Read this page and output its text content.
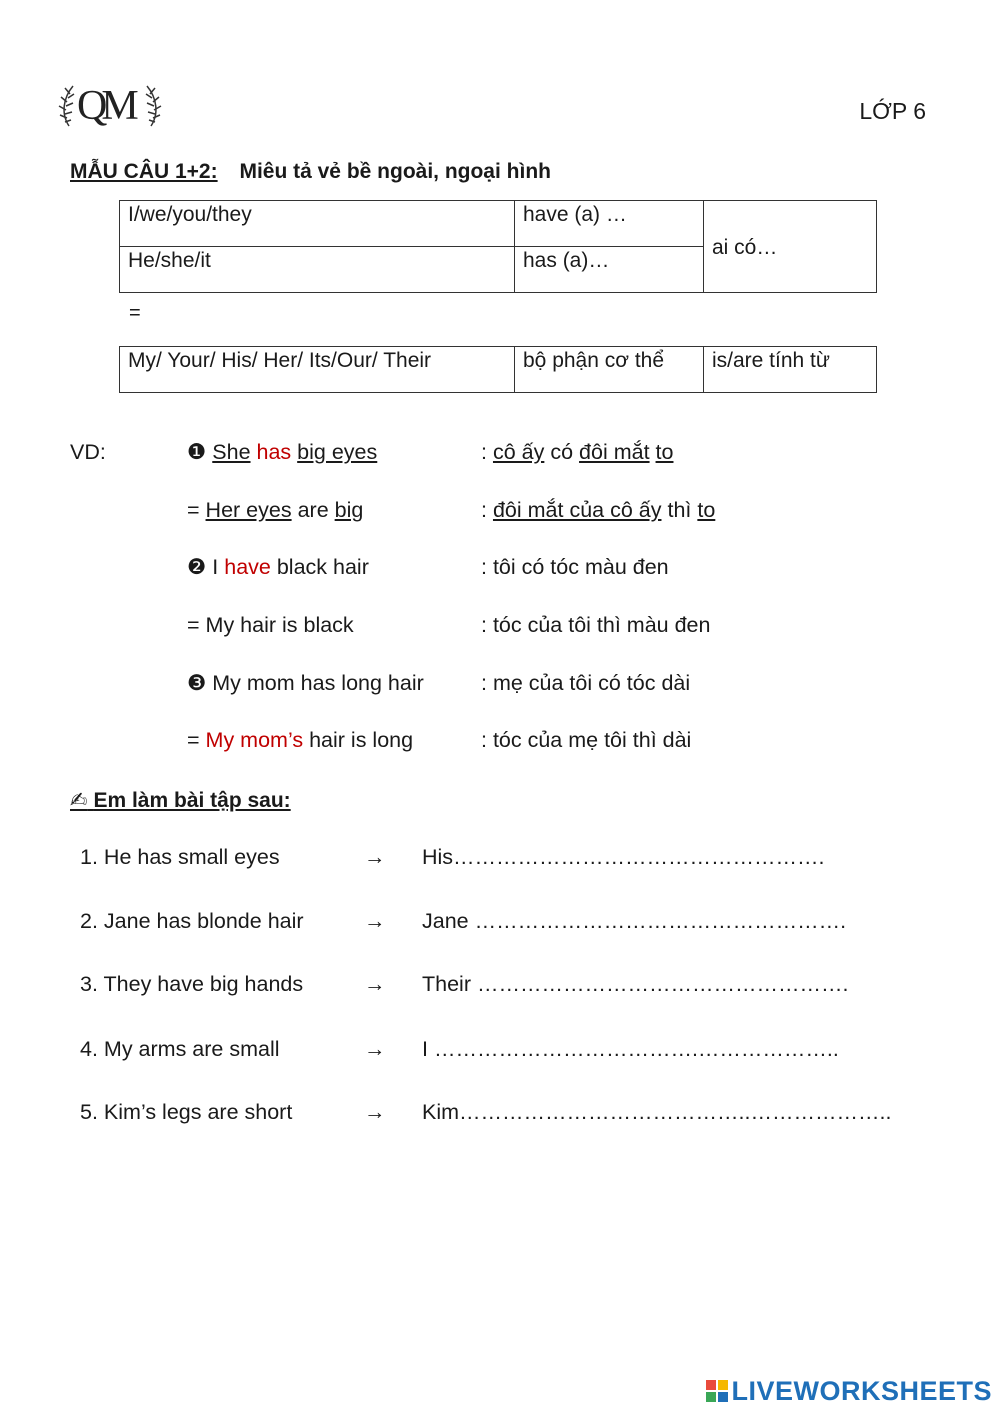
QM	LỚP 6
MẪU CÂU 1+2: Miêu tả vẻ bề ngoài, ngoại hình
I/we/you/they	have (a) …	ai có…
He/she/it	has (a)…	
=
My/ Your/ His/ Her/ Its/Our/ Their	bộ phận cơ thể	is/are tính từ
VD:	❶ She has big eyes	: cô ấy có đôi mắt to
= Her eyes are big	: đôi mắt của cô ấy thì to
❷ I have black hair	: tôi có tóc màu đen
= My hair is black	: tóc của tôi thì màu đen
❸ My mom has long hair	: mẹ của tôi có tóc dài
= My mom’s hair is long	: tóc của mẹ tôi thì dài
✍ Em làm bài tập sau:
1. He has small eyes	→ His…………………………………………….
2. Jane has blonde hair	→ Jane …………………………………………….
3. They have big hands	→ Their …………………………………………….
4. My arms are small	→ I ……………………………….………………..
5. Kim’s legs are short	→ Kim…………………………………..………………..
LIVEWORKSHEETS
